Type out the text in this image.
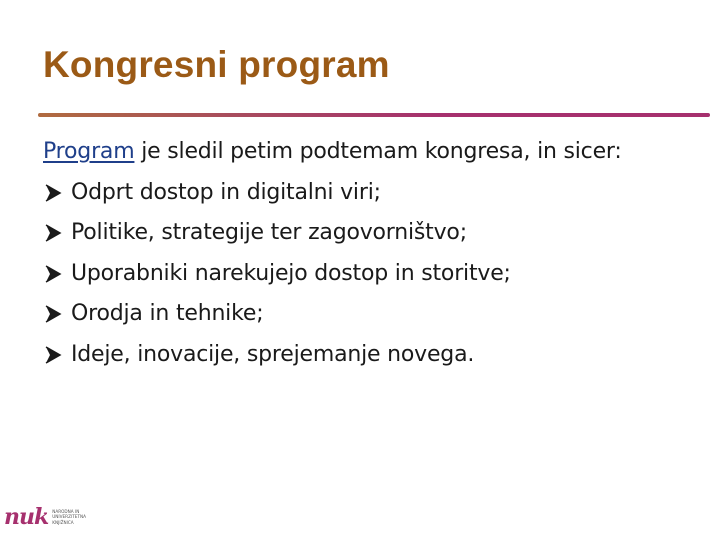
Kongresni program
Program je sledil petim podtemam kongresa, in sicer:
Odprt dostop in digitalni viri;
Politike, strategije ter zagovorništvo;
Uporabniki narekujejo dostop in storitve;
Orodja in tehnike;
Ideje, inovacije, sprejemanje novega.
nuk NARODNA IN
UNIVERZITETNA
KNJIŽNICA
